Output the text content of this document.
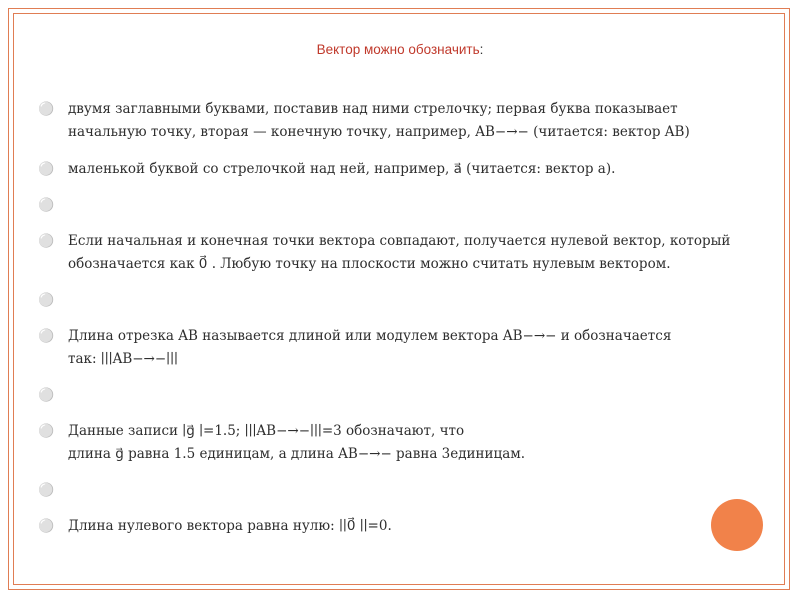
Вектор можно обозначить:
⚪ двумя заглавными буквами, поставив над ними стрелочку; первая буква показывает
начальную точку, вторая — конечную точку, например, AB−→− (читается: вектор AB)
⚪ маленькой буквой со стрелочкой над ней, например, a⃗ (читается: вектор a).
⚪

⚪ Если начальная и конечная точки вектора совпадают, получается нулевой вектор, который
обозначается как 0⃗ . Любую точку на плоскости можно считать нулевым вектором.
⚪

⚪ Длина отрезка AB называется длиной или модулем вектора AB−→− и обозначается
так: ∣∣∣AB−→−∣∣∣
⚪

⚪ Данные записи ∣g⃗ ∣=1.5; ∣∣∣AB−→−∣∣∣=3 обозначают, что
длина g⃗ равна 1.5 единицам, а длина AB−→− равна 3единицам.
⚪

⚪ Длина нулевого вектора равна нулю: ∣∣0⃗ ∣∣=0.
